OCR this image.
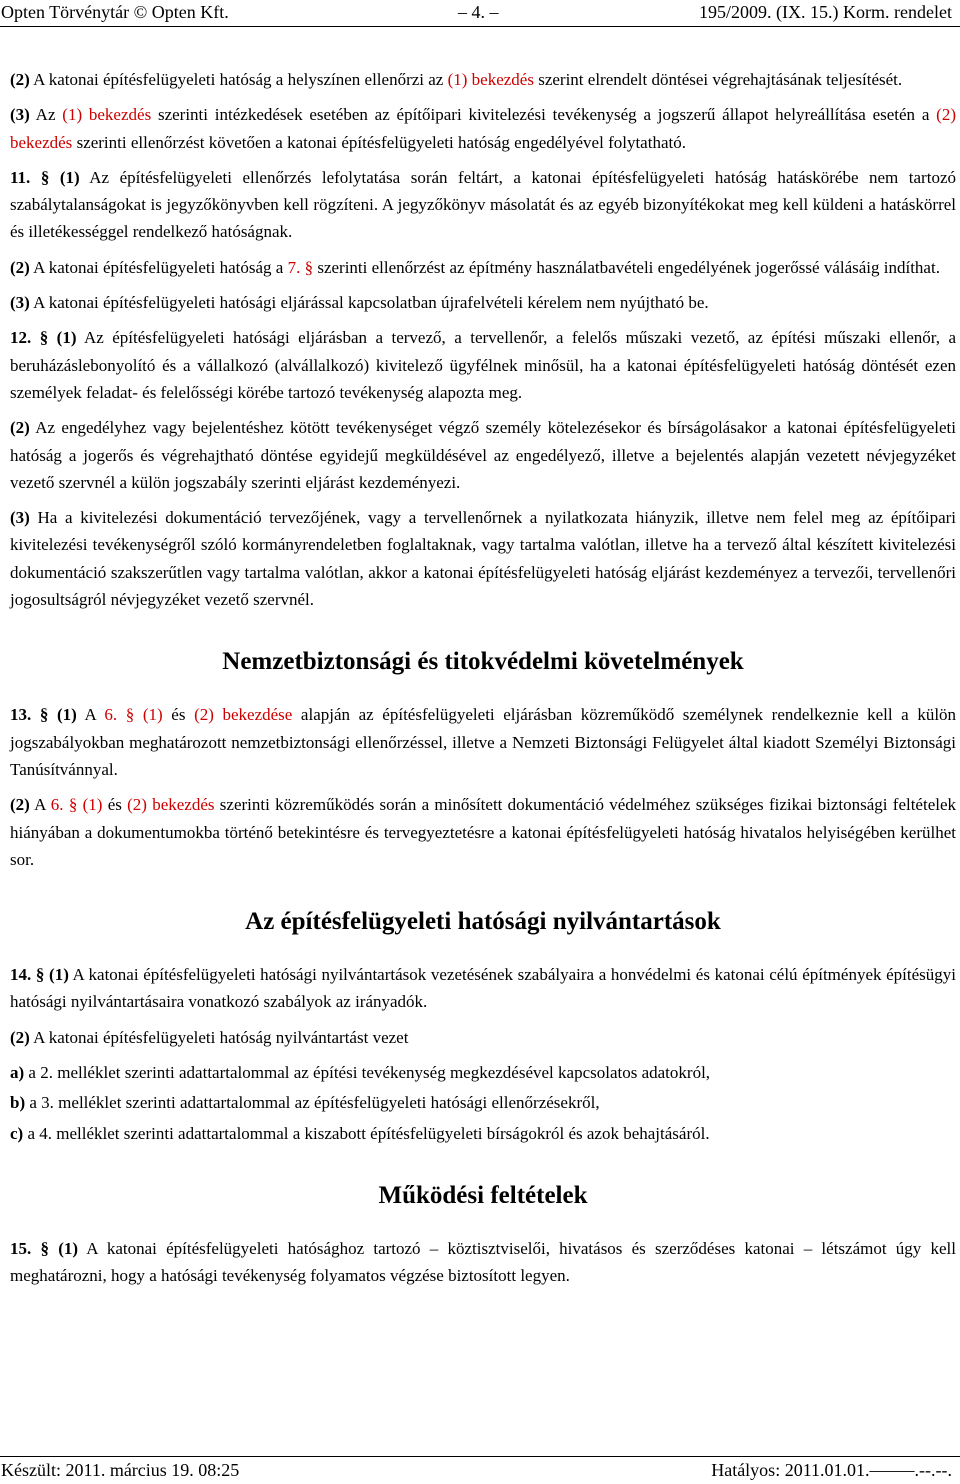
Opten Törvénytár © Opten Kft.	– 4. –	195/2009. (IX. 15.) Korm. rendelet

(2) A katonai építésfelügyeleti hatóság a helyszínen ellenőrzi az (1) bekezdés szerint elrendelt döntései végrehajtásának teljesítését.

(3) Az (1) bekezdés szerinti intézkedések esetében az építőipari kivitelezési tevékenység a jogszerű állapot helyreállítása esetén a (2) bekezdés szerinti ellenőrzést követően a katonai építésfelügyeleti hatóság engedélyével folytatható.

11. § (1) Az építésfelügyeleti ellenőrzés lefolytatása során feltárt, a katonai építésfelügyeleti hatóság hatáskörébe nem tartozó szabálytalanságokat is jegyzőkönyvben kell rögzíteni. A jegyzőkönyv másolatát és az egyéb bizonyítékokat meg kell küldeni a hatáskörrel és illetékességgel rendelkező hatóságnak.

(2) A katonai építésfelügyeleti hatóság a 7. § szerinti ellenőrzést az építmény használatbavételi engedélyének jogerőssé válásáig indíthat.

(3) A katonai építésfelügyeleti hatósági eljárással kapcsolatban újrafelvételi kérelem nem nyújtható be.

12. § (1) Az építésfelügyeleti hatósági eljárásban a tervező, a tervellenőr, a felelős műszaki vezető, az építési műszaki ellenőr, a beruházáslebonyolító és a vállalkozó (alvállalkozó) kivitelező ügyfélnek minősül, ha a katonai építésfelügyeleti hatóság döntését ezen személyek feladat- és felelősségi körébe tartozó tevékenység alapozta meg.

(2) Az engedélyhez vagy bejelentéshez kötött tevékenységet végző személy kötelezésekor és bírságolásakor a katonai építésfelügyeleti hatóság a jogerős és végrehajtható döntése egyidejű megküldésével az engedélyező, illetve a bejelentés alapján vezetett névjegyzéket vezető szervnél a külön jogszabály szerinti eljárást kezdeményezi.

(3) Ha a kivitelezési dokumentáció tervezőjének, vagy a tervellenőrnek a nyilatkozata hiányzik, illetve nem felel meg az építőipari kivitelezési tevékenységről szóló kormányrendeletben foglaltaknak, vagy tartalma valótlan, illetve ha a tervező által készített kivitelezési dokumentáció szakszerűtlen vagy tartalma valótlan, akkor a katonai építésfelügyeleti hatóság eljárást kezdeményez a tervezői, tervellenőri jogosultságról névjegyzéket vezető szervnél.

Nemzetbiztonsági és titokvédelmi követelmények

13. § (1) A 6. § (1) és (2) bekezdése alapján az építésfelügyeleti eljárásban közreműködő személynek rendelkeznie kell a külön jogszabályokban meghatározott nemzetbiztonsági ellenőrzéssel, illetve a Nemzeti Biztonsági Felügyelet által kiadott Személyi Biztonsági Tanúsítvánnyal.

(2) A 6. § (1) és (2) bekezdés szerinti közreműködés során a minősített dokumentáció védelméhez szükséges fizikai biztonsági feltételek hiányában a dokumentumokba történő betekintésre és tervegyeztetésre a katonai építésfelügyeleti hatóság hivatalos helyiségében kerülhet sor.

Az építésfelügyeleti hatósági nyilvántartások

14. § (1) A katonai építésfelügyeleti hatósági nyilvántartások vezetésének szabályaira a honvédelmi és katonai célú építmények építésügyi hatósági nyilvántartásaira vonatkozó szabályok az irányadók.

(2) A katonai építésfelügyeleti hatóság nyilvántartást vezet

a) a 2. melléklet szerinti adattartalommal az építési tevékenység megkezdésével kapcsolatos adatokról,
b) a 3. melléklet szerinti adattartalommal az építésfelügyeleti hatósági ellenőrzésekről,
c) a 4. melléklet szerinti adattartalommal a kiszabott építésfelügyeleti bírságokról és azok behajtásáról.
Működési feltételek

15. § (1) A katonai építésfelügyeleti hatósághoz tartozó – köztisztviselői, hivatásos és szerződéses katonai – létszámot úgy kell meghatározni, hogy a hatósági tevékenység folyamatos végzése biztosított legyen.

Készült: 2011. március 19. 08:25	Hatályos: 2011.01.01.–––––.--.--.
